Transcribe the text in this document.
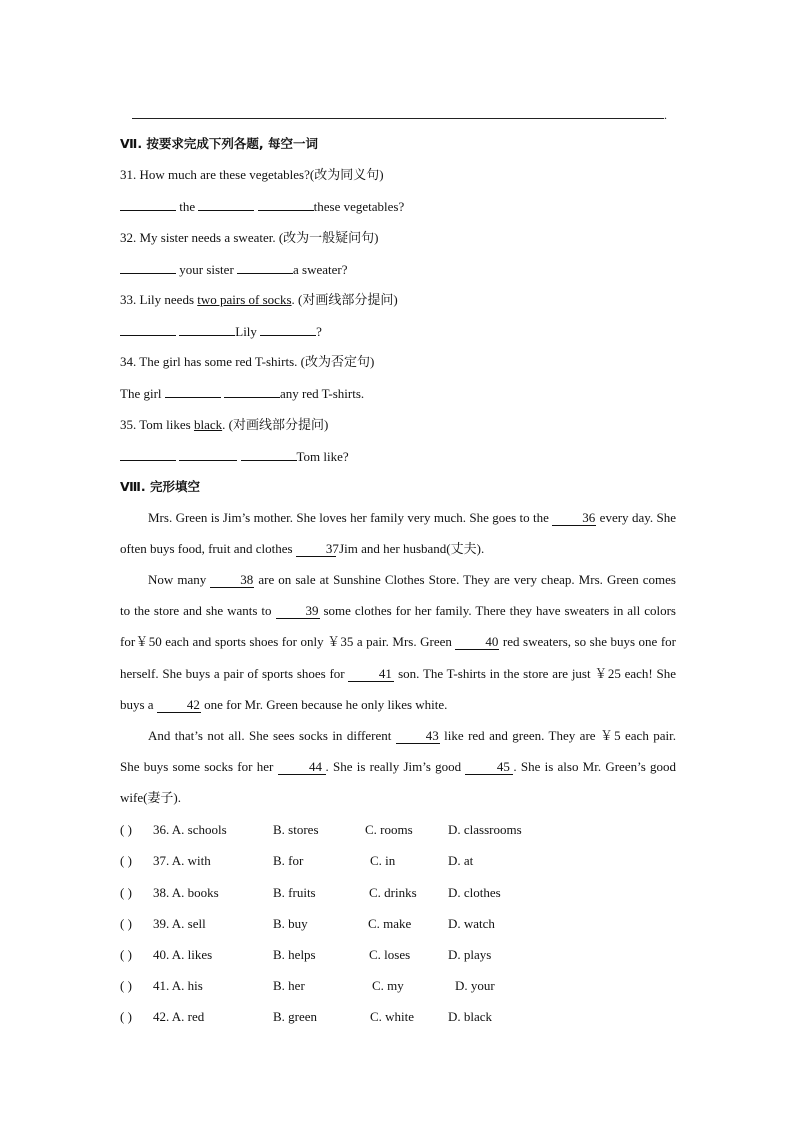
.
Ⅶ. 按要求完成下列各题, 每空一词
31. How much are these vegetables?(改为同义句)
the	these vegetables?
32. My sister needs a sweater. (改为一般疑问句)
your sister	a sweater?
33. Lily needs two pairs of socks. (对画线部分提问)
Lily	?
34. The girl has some red T-shirts. (改为否定句)
The girl	any red T-shirts.
35. Tom likes black. (对画线部分提问)
Tom like?
Ⅷ. 完形填空
Mrs. Green is Jim’s mother. She loves her family very much. She goes to the 36 every day. She often buys food, fruit and clothes 37 Jim and her husband(丈夫).
Now many 38 are on sale at Sunshine Clothes Store. They are very cheap. Mrs. Green comes to the store and she wants to 39 some clothes for her family. There they have sweaters in all colors for￥50 each and sports shoes for only ￥35 a pair. Mrs. Green 40 red sweaters, so she buys one for herself. She buys a pair of sports shoes for 41 son. The T-shirts in the store are just ￥25 each! She buys a 42 one for Mr. Green because he only likes white.
And that’s not all. She sees socks in different 43 like red and green. They are ￥5 each pair. She buys some socks for her 44 . She is really Jim’s good 45 . She is also Mr. Green’s good wife(妻子).
( ) 36. A. schools	B. stores	C. rooms	D. classrooms
( ) 37. A. with	B. for	C. in	D. at
( ) 38. A. books	B. fruits	C. drinks D. clothes
( ) 39. A. sell	B. buy	C. make	D. watch
( ) 40. A. likes	B. helps	C. loses	D. plays
( ) 41. A. his	B. her	C. my	D. your
( ) 42. A. red	B. green	C. white	D. black
